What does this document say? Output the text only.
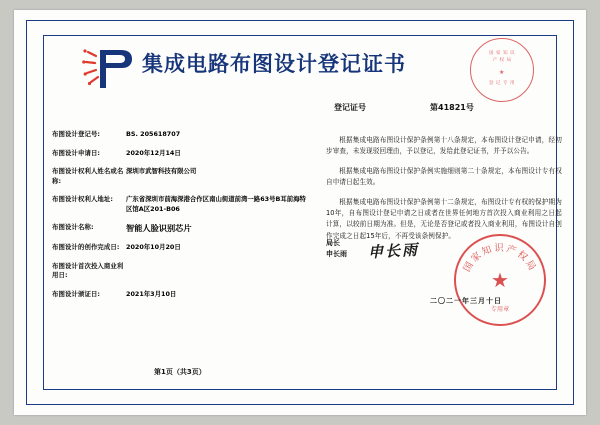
集成电路布图设计登记证书	国 家 知 识
产 权 局
★
登 记 专 用
布图设计登记号:	BS. 205618707
布图设计申请日:	2020年12月14日
布图设计权利人姓名或名称:
深圳市武智科技有限公司
布图设计权利人地址:	广东省深圳市前海深港合作区南山街道前湾一路63号B耳前海特区馆A区201-B06
布图设计名称:	智能人脸识别芯片
布图设计的创作完成日:	2020年10月20日
布图设计首次投入商业利用日:
布图设计颁证日:	2021年3月10日
登记证号	第41821号
根据集成电路布图设计保护条例第十八条规定，本布图设计登记申请，经初步审查，未发现驳回理由，予以登记，发给此登记证书，并予以公告。
根据集成电路布图设计保护条例实施细则第二十条规定，本布图设计专有权自申请日起生效。
根据集成电路布图设计保护条例第十二条规定，布图设计专有权的保护期为10年，自布图设计登记申请之日或者在世界任何地方首次投入商业利用之日起计算，以较前日期为准。但是，无论是否登记或者投入商业利用，布图设计自创作完成之日起15年后，不再受该条例保护。
局长
申长雨 申长雨
国家知识产权局
★
专用章
二〇二一年三月十日
第1页（共3页）
